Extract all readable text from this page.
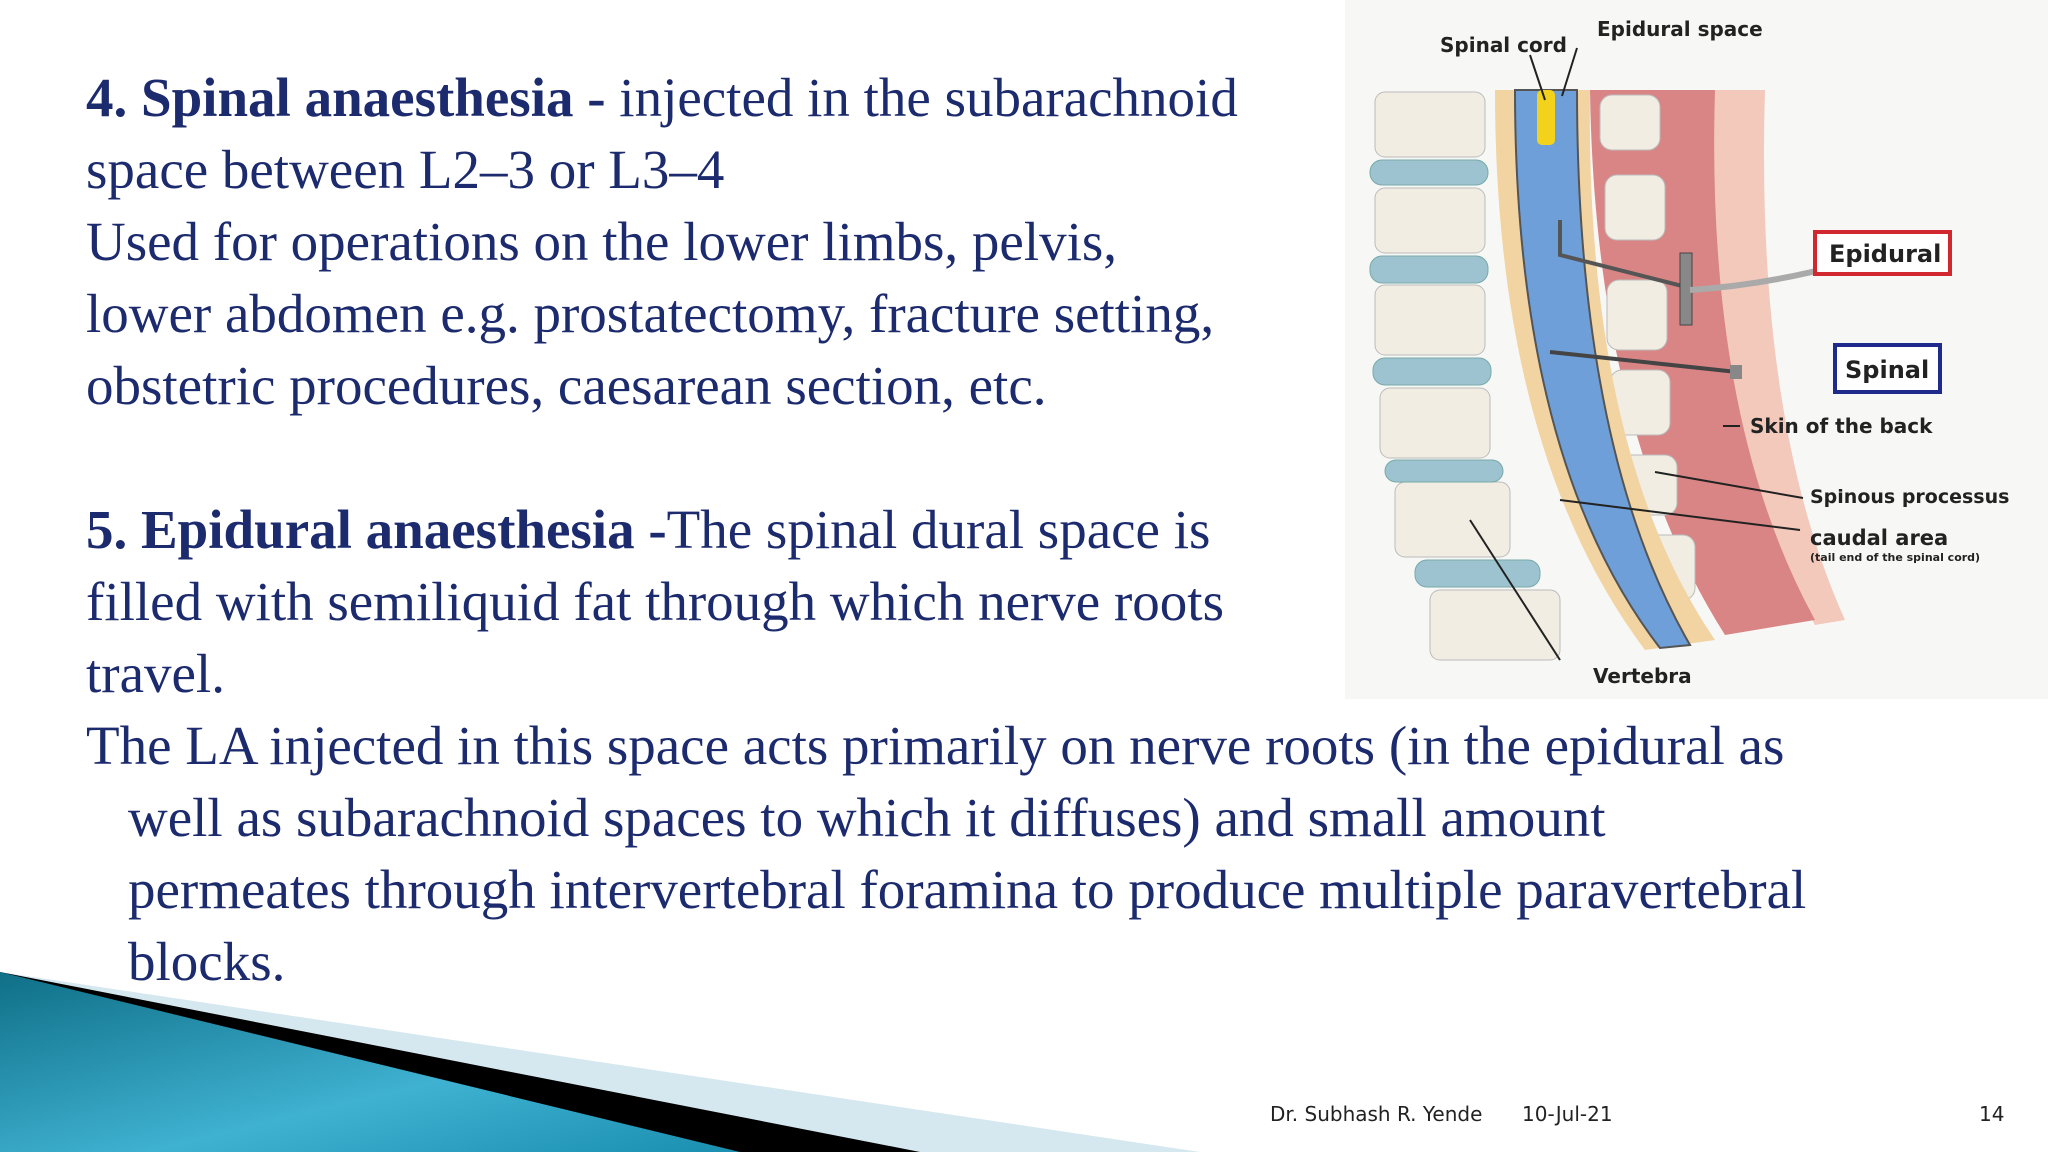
4. Spinal anaesthesia - injected in the subarachnoid

space between L2–3 or L3–4

Used for operations on the lower limbs, pelvis,

lower abdomen e.g. prostatectomy, fracture setting,

obstetric procedures, caesarean section, etc.

5. Epidural anaesthesia -The spinal dural space is

filled with semiliquid fat through which nerve roots

travel.

The LA injected in this space acts primarily on nerve roots (in the epidural as

well as subarachnoid spaces to which it diffuses) and small amount

permeates through intervertebral foramina to produce multiple paravertebral

blocks.

Spinal cord
Epidural space
Epidural
Spinal
Skin of the back
Spinous processus
caudal area
(tail end of the spinal cord)
Vertebra
Dr. Subhash R. Yende 10-Jul-21	14
